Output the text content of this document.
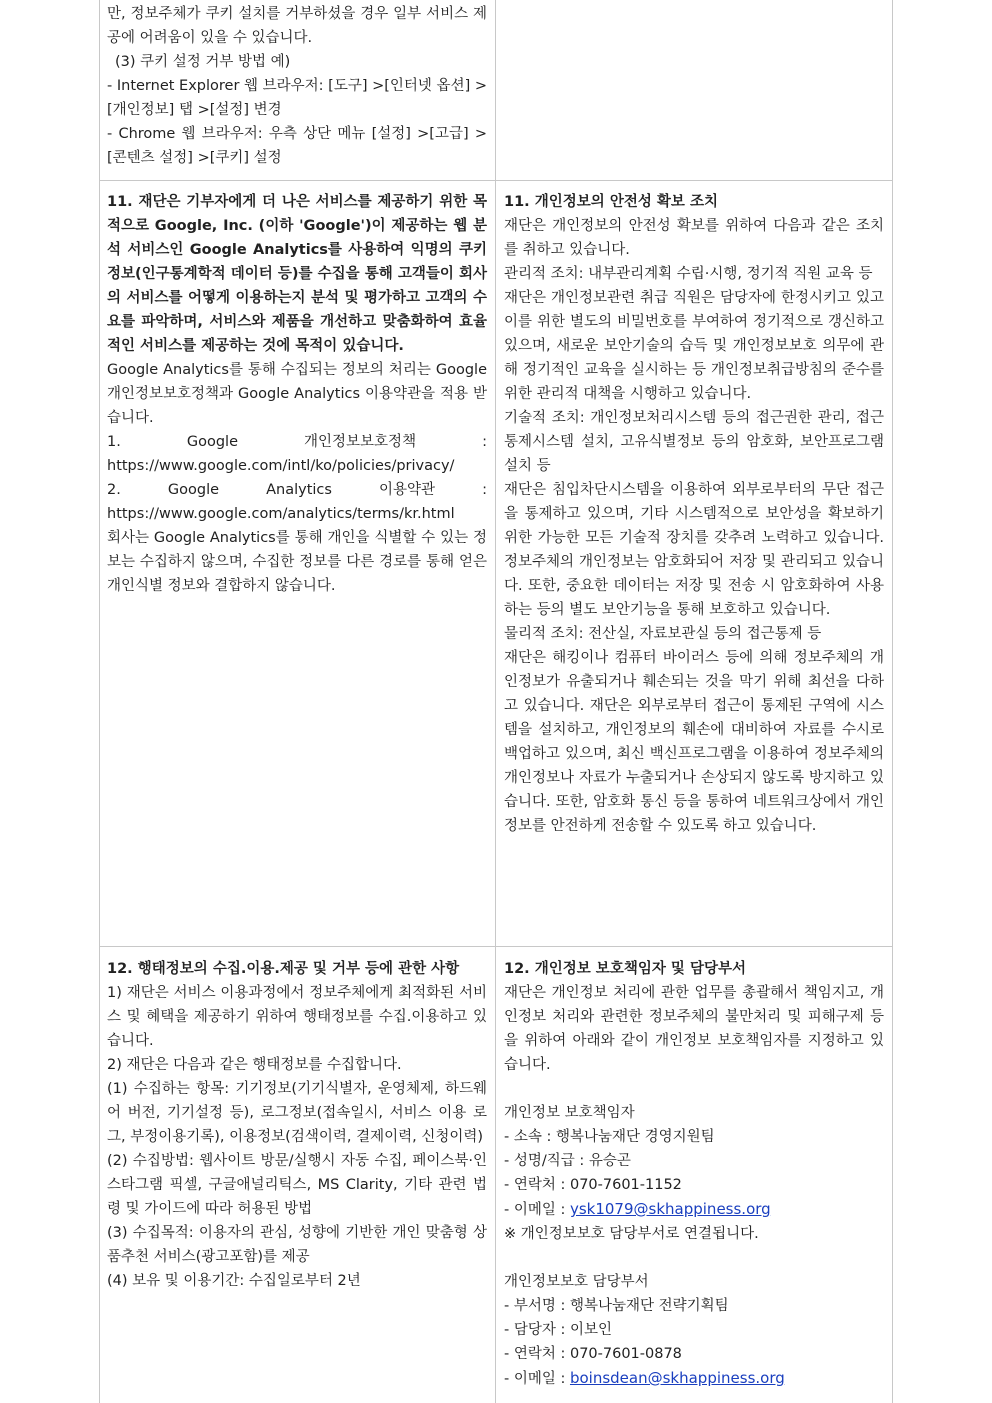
만, 정보주체가 쿠키 설치를 거부하셨을 경우 일부 서비스 제공에 어려움이 있을 수 있습니다.

(3) 쿠키 설정 거부 방법 예)

- Internet Explorer 웹 브라우저: [도구] >[인터넷 옵션] >[개인정보] 탭 >[설정] 변경

- Chrome 웹 브라우저: 우측 상단 메뉴 [설정] >[고급] >[콘텐츠 설정] >[쿠키] 설정

11. 재단은 기부자에게 더 나은 서비스를 제공하기 위한 목적으로 Google, Inc. (이하 'Google')이 제공하는 웹 분석 서비스인 Google Analytics를 사용하여 익명의 쿠키정보(인구통계학적 데이터 등)를 수집을 통해 고객들이 회사의 서비스를 어떻게 이용하는지 분석 및 평가하고 고객의 수요를 파악하며, 서비스와 제품을 개선하고 맞춤화하여 효율적인 서비스를 제공하는 것에 목적이 있습니다.

Google Analytics를 통해 수집되는 정보의 처리는 Google 개인정보보호정책과 Google Analytics 이용약관을 적용 받습니다.

1. Google 개인정보보호정책 :

https://www.google.com/intl/ko/policies/privacy/

2. Google Analytics 이용약관 :

https://www.google.com/analytics/terms/kr.html

회사는 Google Analytics를 통해 개인을 식별할 수 있는 정보는 수집하지 않으며, 수집한 정보를 다른 경로를 통해 얻은 개인식별 정보와 결합하지 않습니다.

11. 개인정보의 안전성 확보 조치

재단은 개인정보의 안전성 확보를 위하여 다음과 같은 조치를 취하고 있습니다.

관리적 조치: 내부관리계획 수립·시행, 정기적 직원 교육 등

재단은 개인정보관련 취급 직원은 담당자에 한정시키고 있고 이를 위한 별도의 비밀번호를 부여하여 정기적으로 갱신하고 있으며, 새로운 보안기술의 습득 및 개인정보보호 의무에 관해 정기적인 교육을 실시하는 등 개인정보취급방침의 준수를 위한 관리적 대책을 시행하고 있습니다.

기술적 조치: 개인정보처리시스템 등의 접근권한 관리, 접근통제시스템 설치, 고유식별정보 등의 암호화, 보안프로그램 설치 등

재단은 침입차단시스템을 이용하여 외부로부터의 무단 접근을 통제하고 있으며, 기타 시스템적으로 보안성을 확보하기 위한 가능한 모든 기술적 장치를 갖추려 노력하고 있습니다. 정보주체의 개인정보는 암호화되어 저장 및 관리되고 있습니다. 또한, 중요한 데이터는 저장 및 전송 시 암호화하여 사용하는 등의 별도 보안기능을 통해 보호하고 있습니다.

물리적 조치: 전산실, 자료보관실 등의 접근통제 등

재단은 해킹이나 컴퓨터 바이러스 등에 의해 정보주체의 개인정보가 유출되거나 훼손되는 것을 막기 위해 최선을 다하고 있습니다. 재단은 외부로부터 접근이 통제된 구역에 시스템을 설치하고, 개인정보의 훼손에 대비하여 자료를 수시로 백업하고 있으며, 최신 백신프로그램을 이용하여 정보주체의 개인정보나 자료가 누출되거나 손상되지 않도록 방지하고 있습니다. 또한, 암호화 통신 등을 통하여 네트워크상에서 개인정보를 안전하게 전송할 수 있도록 하고 있습니다.

12. 행태정보의 수집.이용.제공 및 거부 등에 관한 사항

1) 재단은 서비스 이용과정에서 정보주체에게 최적화된 서비스 및 혜택을 제공하기 위하여 행태정보를 수집.이용하고 있습니다.

2) 재단은 다음과 같은 행태정보를 수집합니다.

(1) 수집하는 항목: 기기정보(기기식별자, 운영체제, 하드웨어 버전, 기기설정 등), 로그정보(접속일시, 서비스 이용 로그, 부정이용기록), 이용정보(검색이력, 결제이력, 신청이력)

(2) 수집방법: 웹사이트 방문/실행시 자동 수집, 페이스북·인스타그램 픽셀, 구글애널리틱스, MS Clarity, 기타 관련 법령 및 가이드에 따라 허용된 방법

(3) 수집목적: 이용자의 관심, 성향에 기반한 개인 맞춤형 상품추천 서비스(광고포함)를 제공

(4) 보유 및 이용기간: 수집일로부터 2년

12. 개인정보 보호책임자 및 담당부서

재단은 개인정보 처리에 관한 업무를 총괄해서 책임지고, 개인정보 처리와 관련한 정보주체의 불만처리 및 피해구제 등을 위하여 아래와 같이 개인정보 보호책임자를 지정하고 있습니다.

개인정보 보호책임자

- 소속 : 행복나눔재단 경영지원팀

- 성명/직급 : 유승곤

- 연락처 : 070-7601-1152

- 이메일 : ysk1079@skhappiness.org

※ 개인정보보호 담당부서로 연결됩니다.

개인정보보호 담당부서

- 부서명 : 행복나눔재단 전략기획팀

- 담당자 : 이보인

- 연락처 : 070-7601-0878

- 이메일 : boinsdean@skhappiness.org
